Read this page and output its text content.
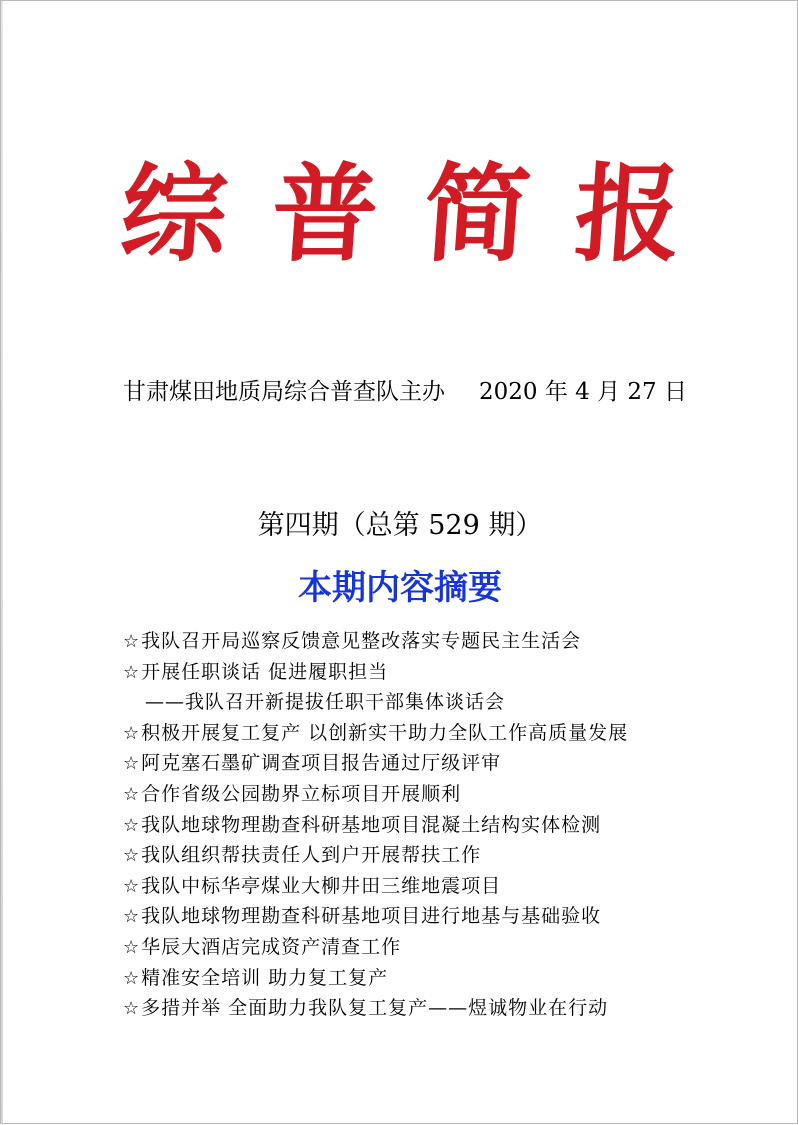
综 普 简 报
甘肃煤田地质局综合普查队主办 2020 年 4 月 27 日
第四期（总第 529 期）
本期内容摘要
☆我队召开局巡察反馈意见整改落实专题民主生活会
☆开展任职谈话 促进履职担当
——我队召开新提拔任职干部集体谈话会
☆积极开展复工复产 以创新实干助力全队工作高质量发展
☆阿克塞石墨矿调查项目报告通过厅级评审
☆合作省级公园勘界立标项目开展顺利
☆我队地球物理勘查科研基地项目混凝土结构实体检测
☆我队组织帮扶责任人到户开展帮扶工作
☆我队中标华亭煤业大柳井田三维地震项目
☆我队地球物理勘查科研基地项目进行地基与基础验收
☆华辰大酒店完成资产清查工作
☆精准安全培训 助力复工复产
☆多措并举 全面助力我队复工复产——煜诚物业在行动
